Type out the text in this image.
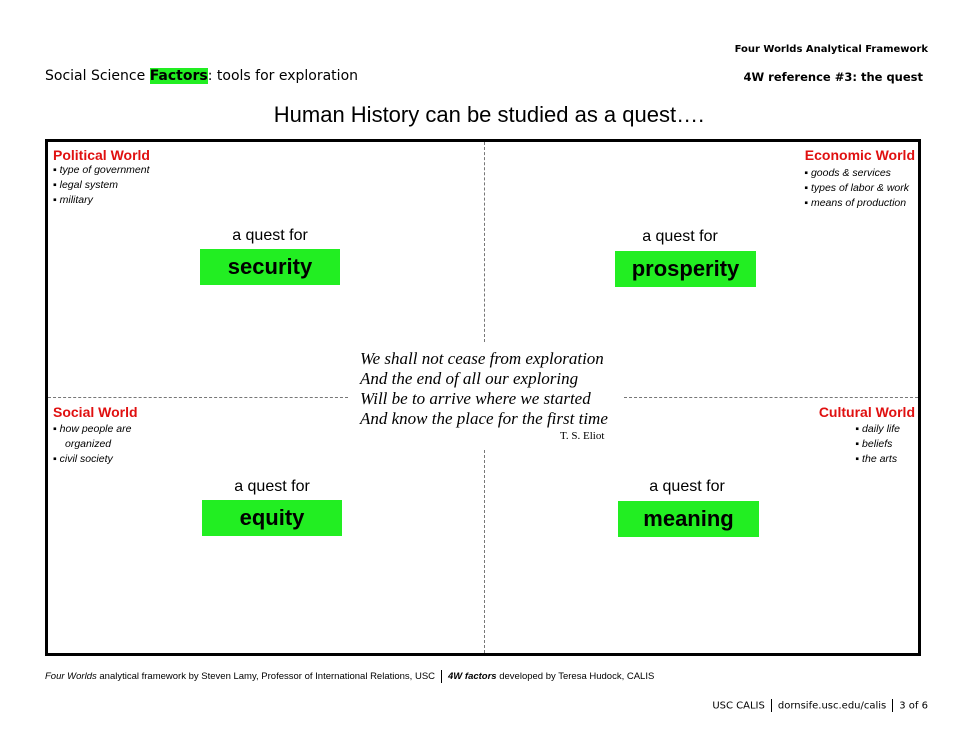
Four Worlds Analytical Framework
Social Science Factors: tools for exploration	4W reference #3: the quest
Human History can be studied as a quest….
Political World
▪ type of government
▪ legal system
▪ military
a quest for
security
Economic World
▪ goods & services
▪ types of labor & work
▪ means of production
a quest for
prosperity
We shall not cease from exploration
And the end of all our exploring
Will be to arrive where we started
And know the place for the first time
T. S. Eliot
Social World
▪ how people are
organized
▪ civil society
a quest for
equity
Cultural World
▪ daily life
▪ beliefs
▪ the arts
a quest for
meaning
Four Worlds analytical framework by Steven Lamy, Professor of International Relations, USC 4W factors developed by Teresa Hudock, CALIS
USC CALIS dornsife.usc.edu/calis 3 of 6
